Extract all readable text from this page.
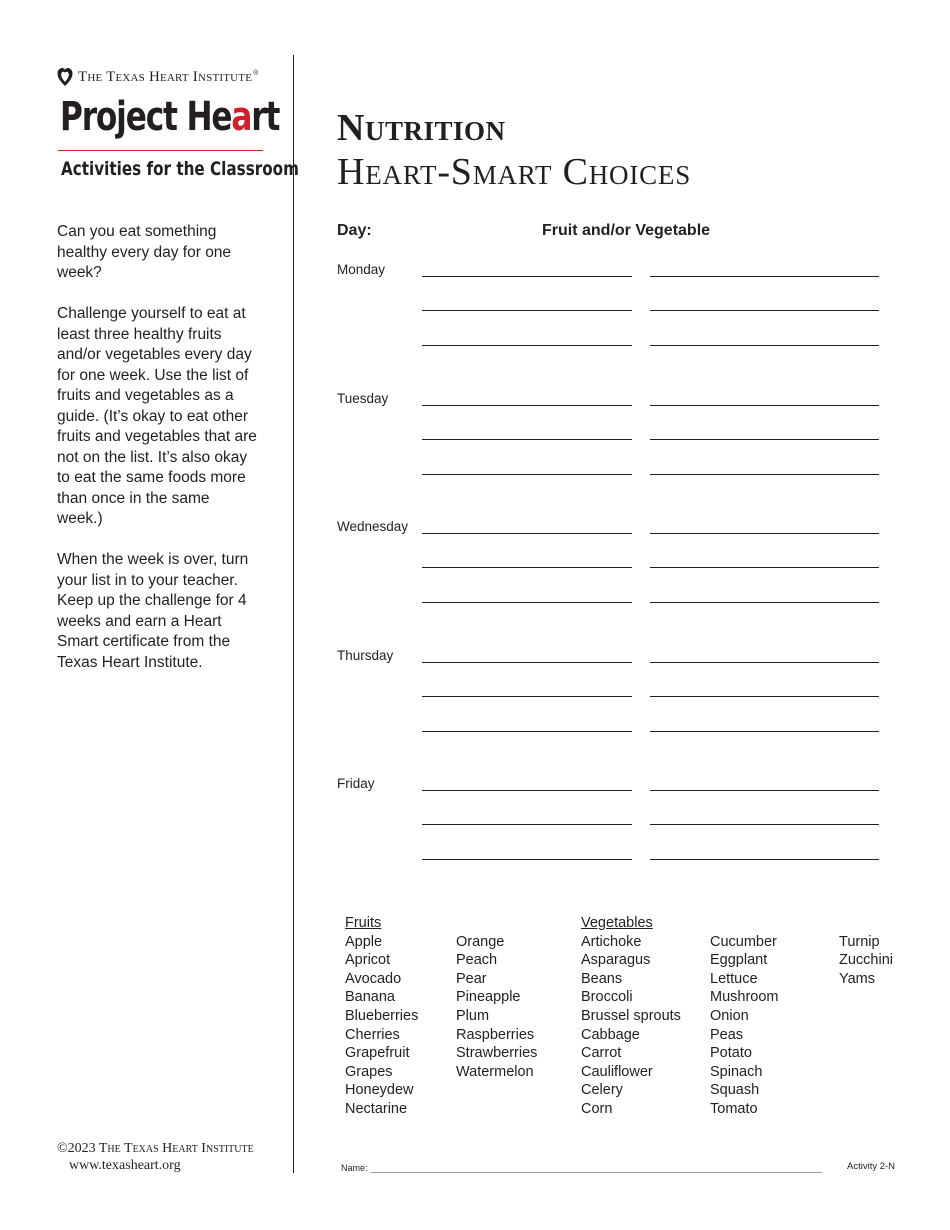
The Texas Heart Institute ®
Project Heart
Activities for the Classroom

Can you eat something healthy every day for one week?

Challenge yourself to eat at least three healthy fruits and/or vegetables every day for one week. Use the list of fruits and vegetables as a guide. (It’s okay to eat other fruits and vegetables that are not on the list. It’s also okay to eat the same foods more than once in the same week.)

When the week is over, turn your list in to your teacher. Keep up the challenge for 4 weeks and earn a Heart Smart certificate from the Texas Heart Institute.

©2023 The Texas Heart Institute
www.texasheart.org
Nutrition
Heart-Smart Choices
Day:	Fruit and/or Vegetable
Monday
Tuesday
Wednesday
Thursday
Friday
Fruits
Apple
Apricot
Avocado
Banana
Blueberries
Cherries
Grapefruit
Grapes
Honeydew
Nectarine
Orange
Peach
Pear
Pineapple
Plum
Raspberries
Strawberries
Watermelon
Vegetables
Artichoke
Asparagus
Beans
Broccoli
Brussel sprouts
Cabbage
Carrot
Cauliflower
Celery
Corn
Cucumber
Eggplant
Lettuce
Mushroom
Onion
Peas
Potato
Spinach
Squash
Tomato
Turnip
Zucchini
Yams
Name:	Activity 2-N
